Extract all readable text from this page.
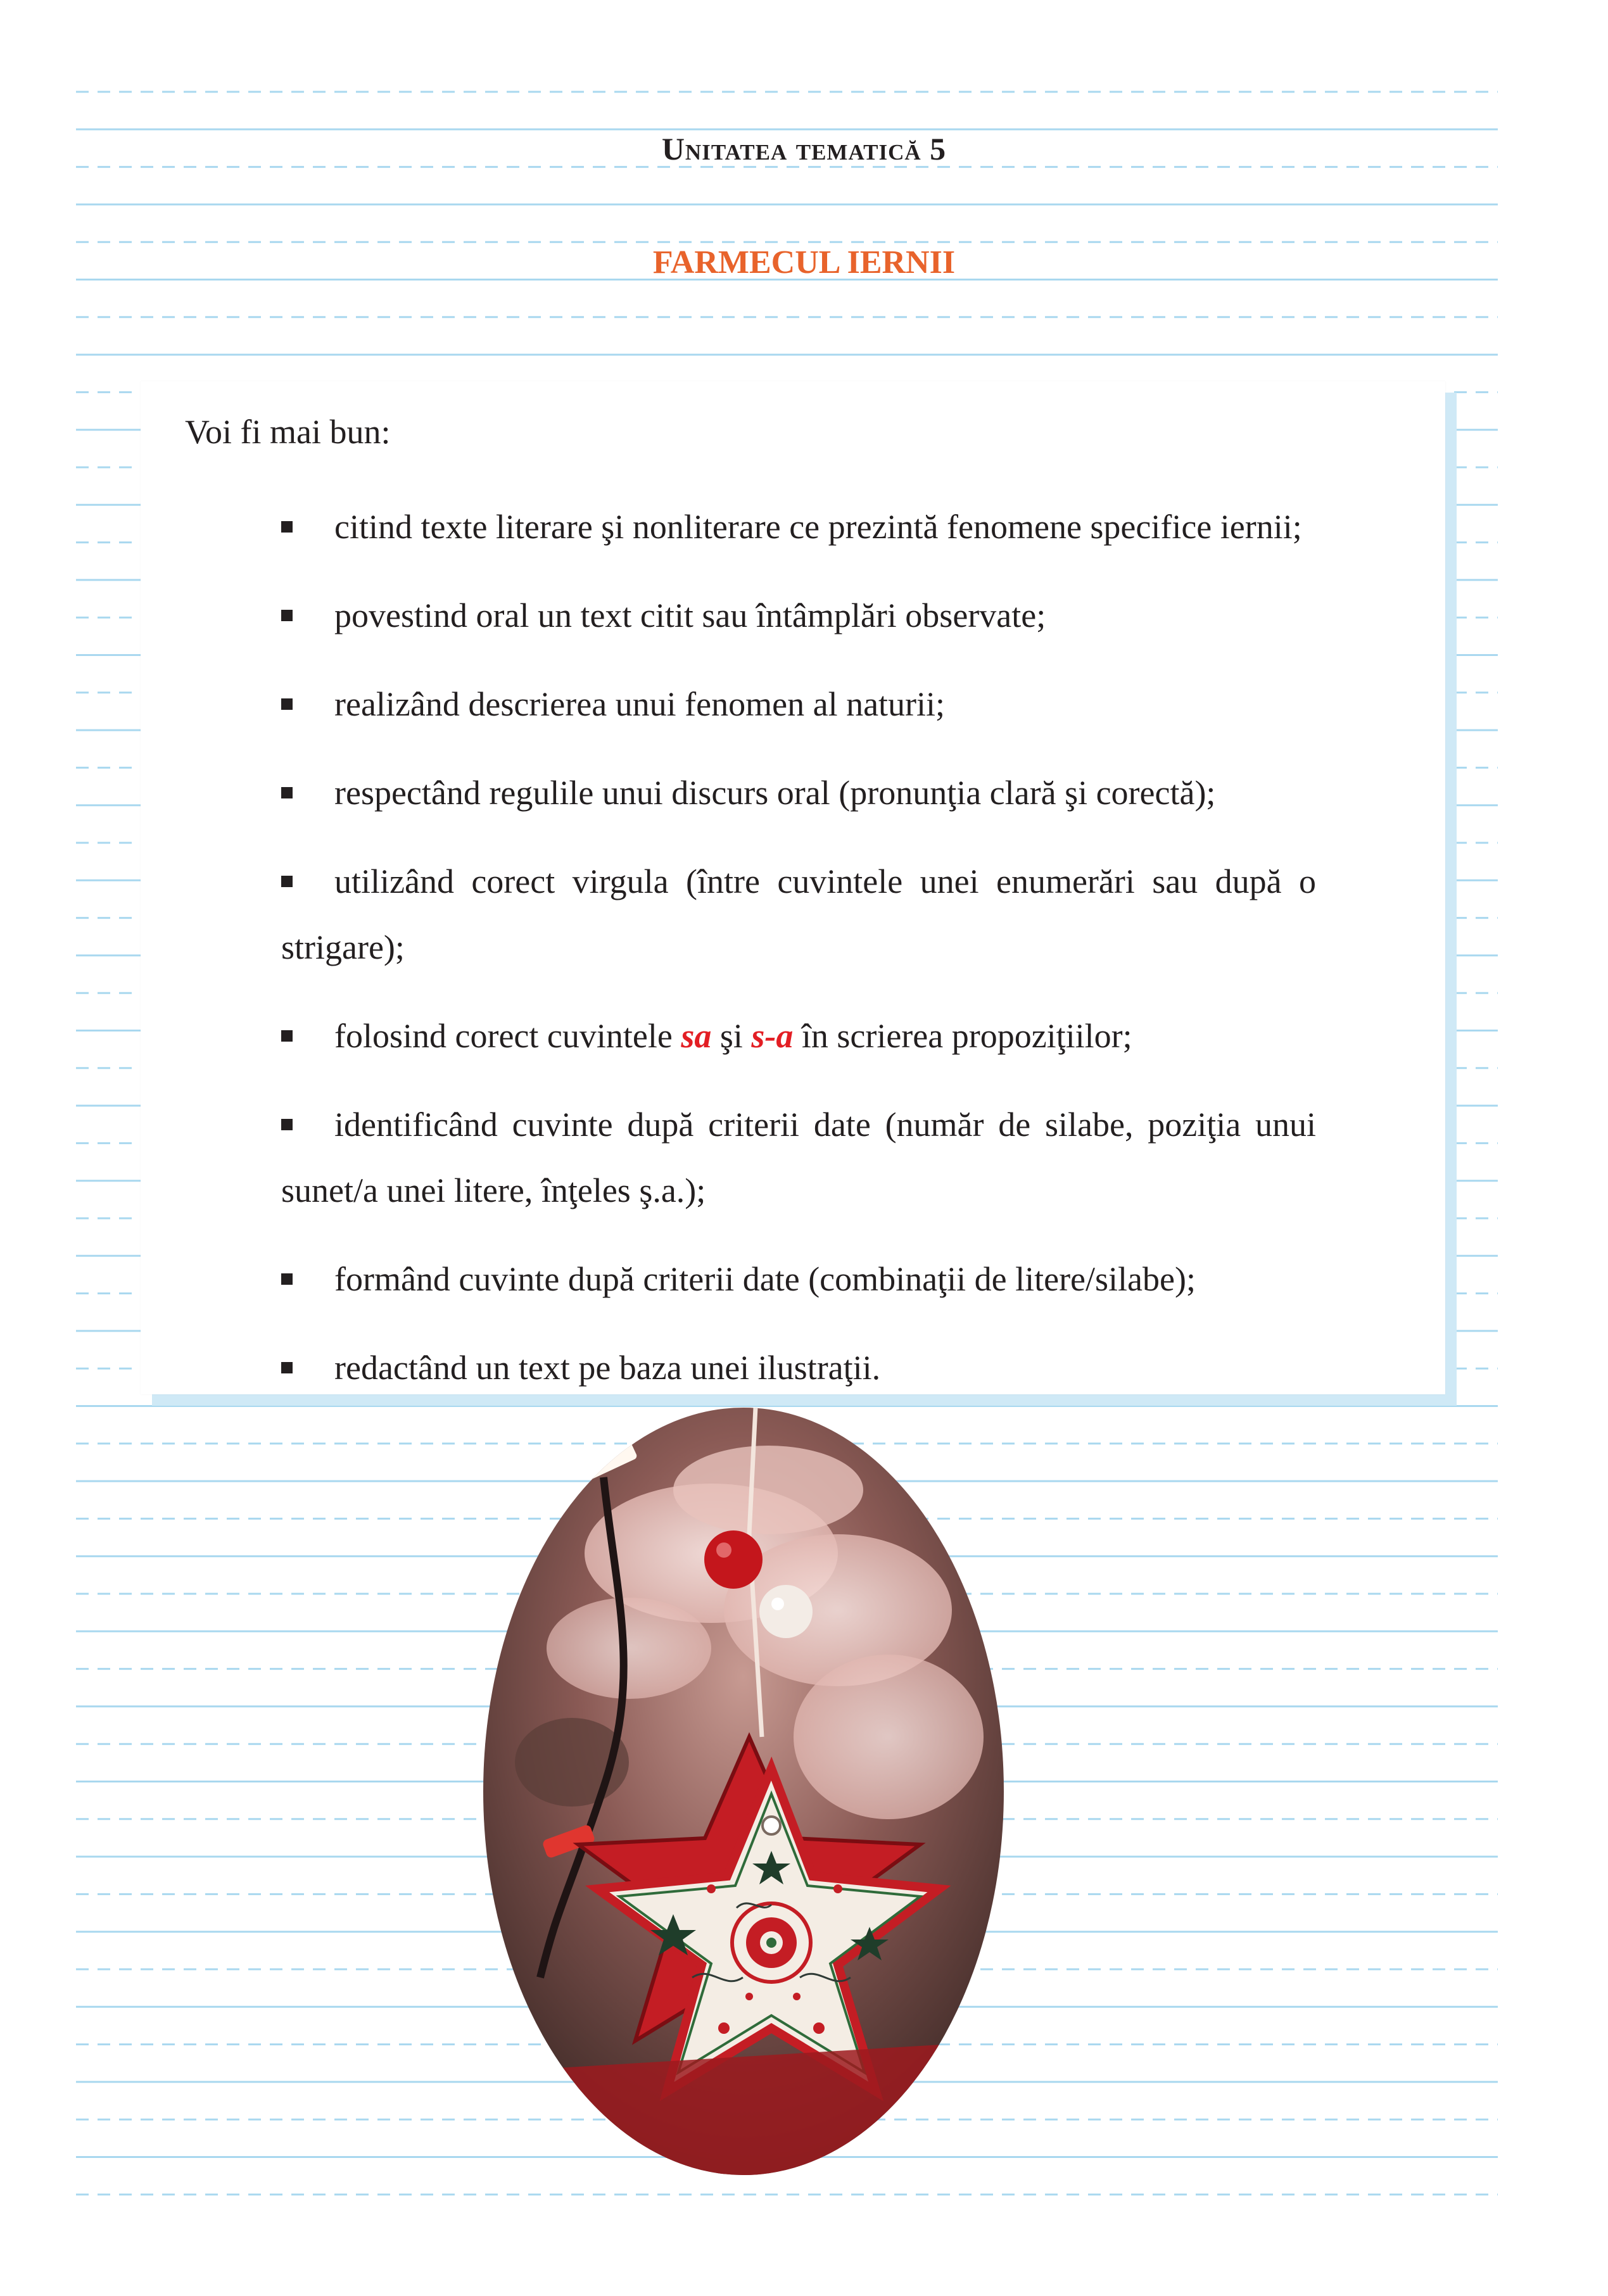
Unitatea tematică 5
FARMECUL IERNII
Voi fi mai bun:
citind texte literare şi nonliterare ce prezintă fenomene specifice iernii;
povestind oral un text citit sau întâmplări observate;
realizând descrierea unui fenomen al naturii;
respectând regulile unui discurs oral (pronunţia clară şi corectă);
utilizând corect virgula (între cuvintele unei enumerări sau după o strigare);
folosind corect cuvintele sa şi s-a în scrierea propoziţiilor;
identificând cuvinte după criterii date (număr de silabe, poziţia unui sunet/a unei litere, înţeles ş.a.);
formând cuvinte după criterii date (combinaţii de litere/silabe);
redactând un text pe baza unei ilustraţii.
